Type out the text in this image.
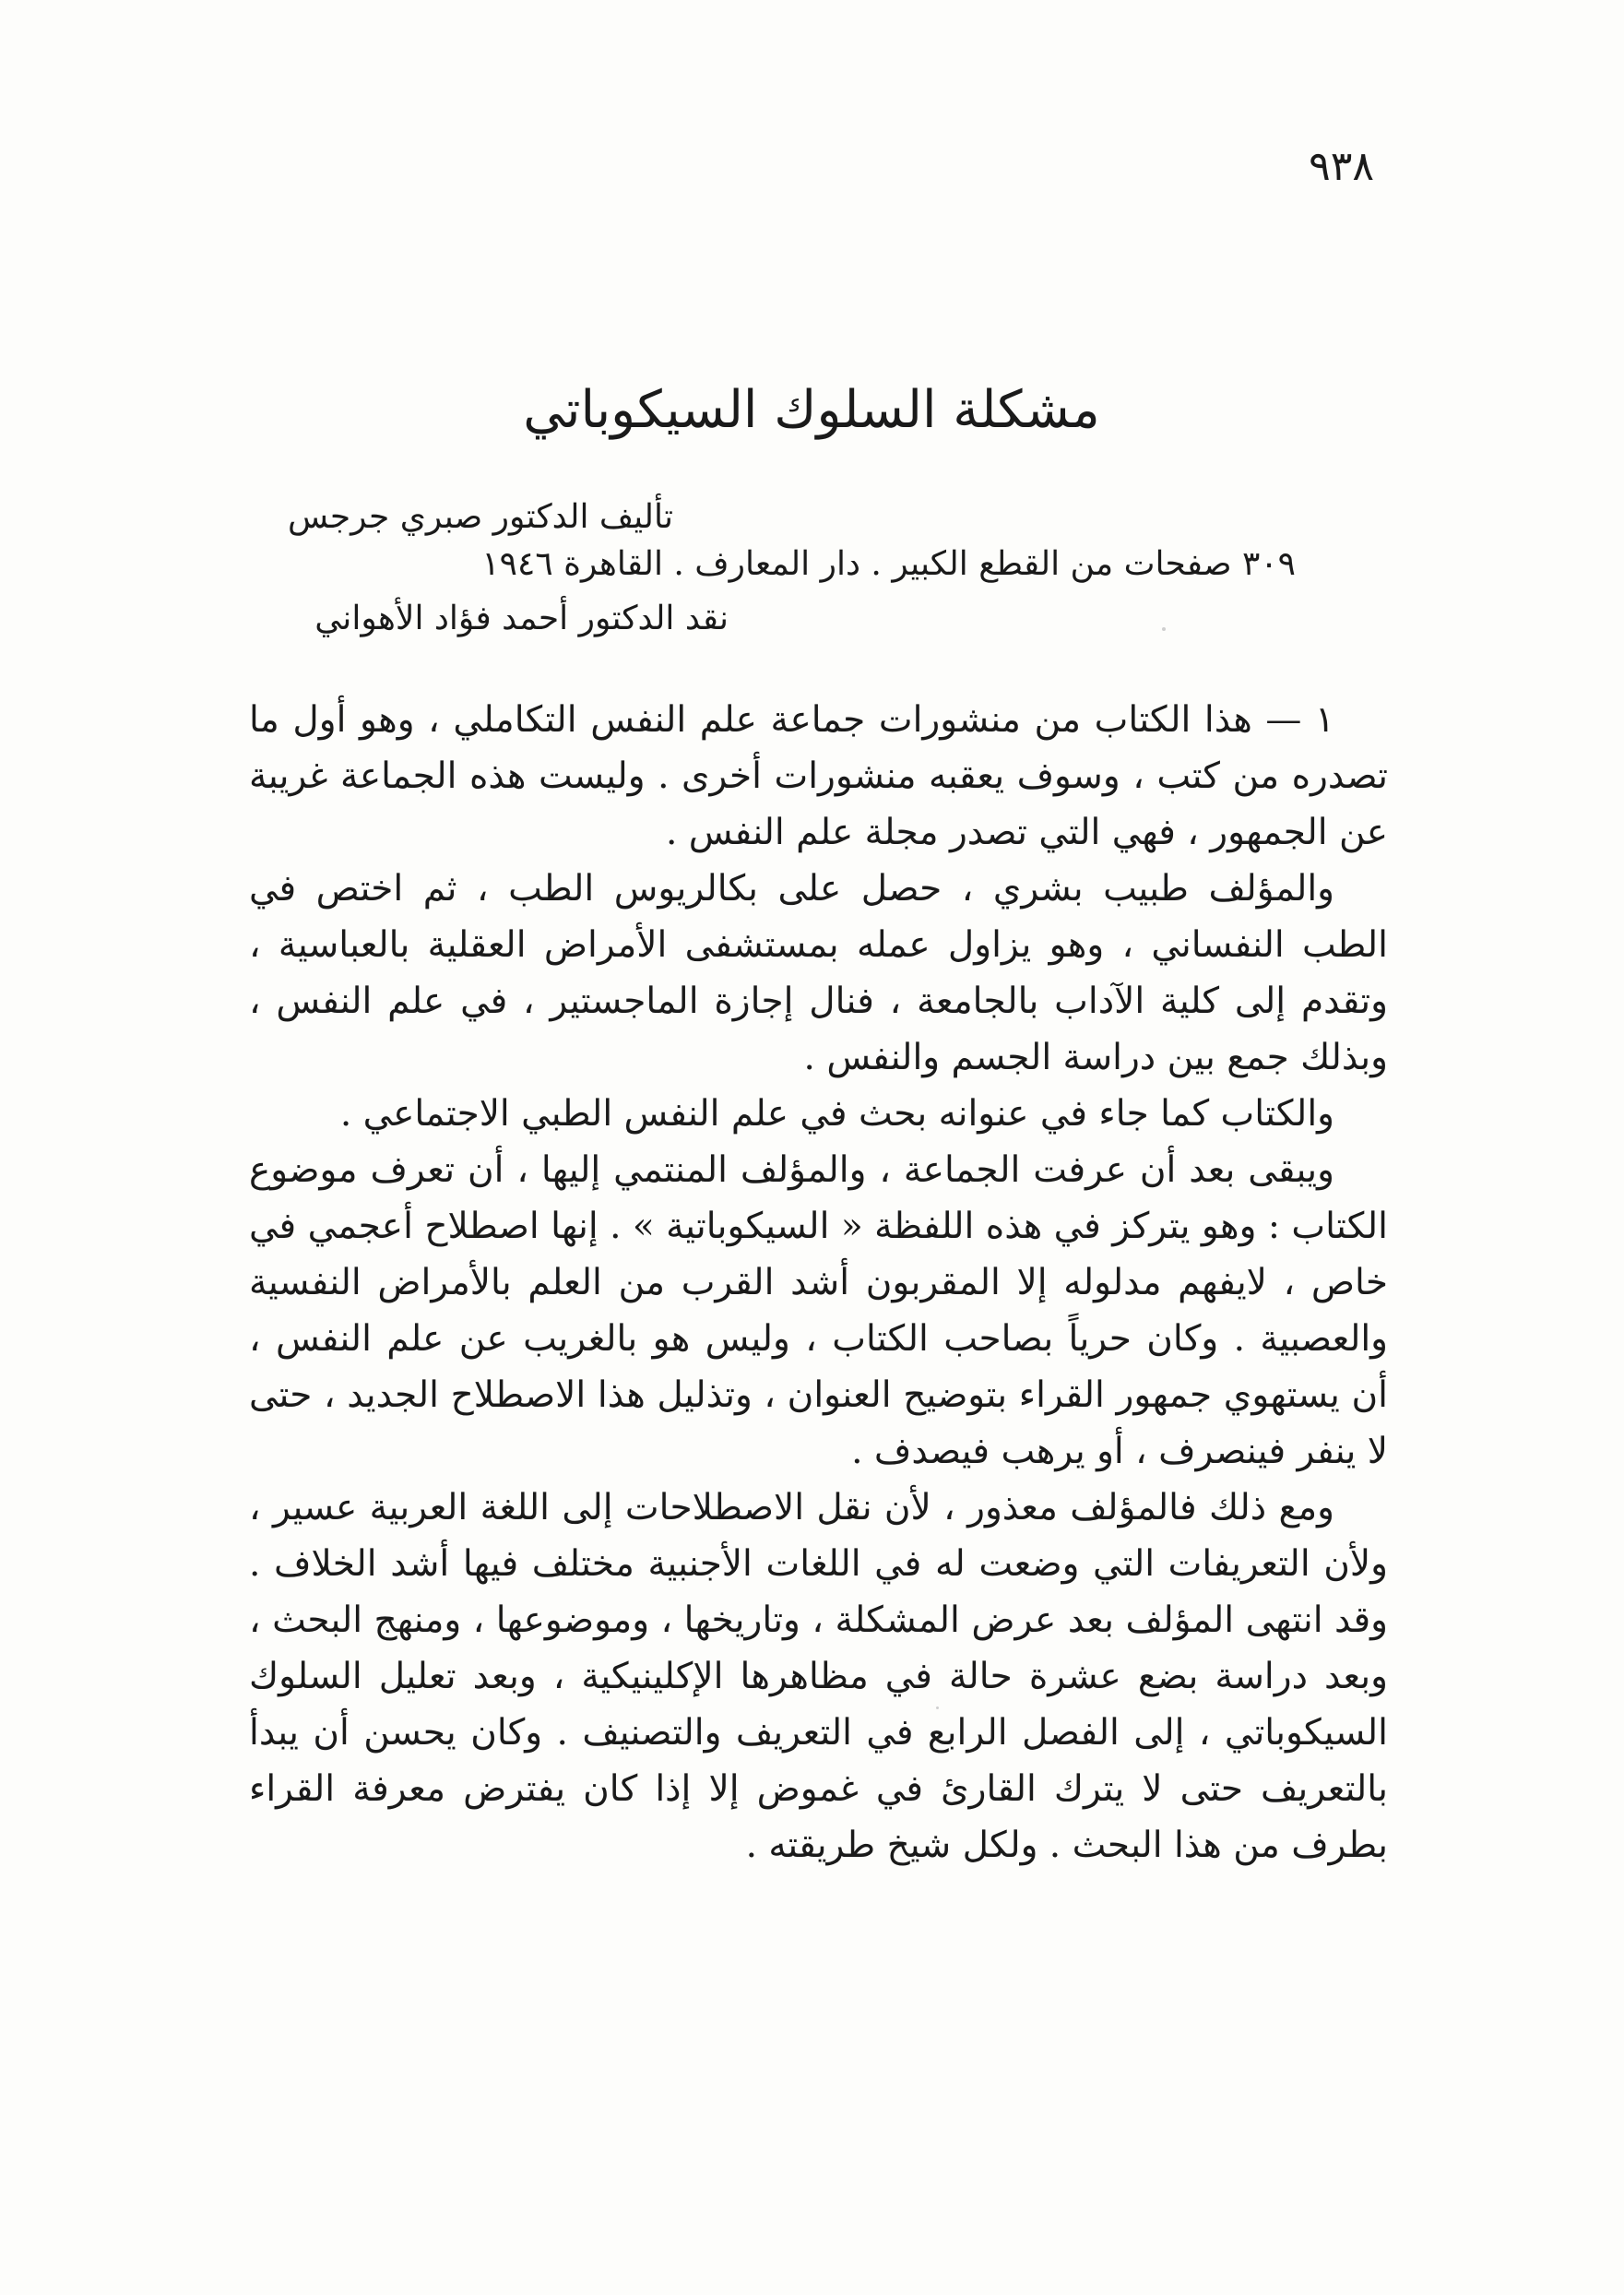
٩٣٨
مشكلة السلوك السيكوباتي
تأليف الدكتور صبري جرجس
٣٠٩ صفحات من القطع الكبير . دار المعارف . القاهرة ١٩٤٦
نقد الدكتور أحمد فؤاد الأهواني

١ — هذا الكتاب من منشورات جماعة علم النفس التكاملي ، وهو أول ما تصدره من كتب ، وسوف يعقبه منشورات أخرى . وليست هذه الجماعة غريبة عن الجمهور ، فهي التي تصدر مجلة علم النفس .

والمؤلف طبيب بشري ، حصل على بكالريوس الطب ، ثم اختص في الطب النفساني ، وهو يزاول عمله بمستشفى الأمراض العقلية بالعباسية ، وتقدم إلى كلية الآداب بالجامعة ، فنال إجازة الماجستير ، في علم النفس ، وبذلك جمع بين دراسة الجسم والنفس .

والكتاب كما جاء في عنوانه بحث في علم النفس الطبي الاجتماعي .

ويبقى بعد أن عرفت الجماعة ، والمؤلف المنتمي إليها ، أن تعرف موضوع الكتاب : وهو يتركز في هذه اللفظة « السيكوباتية » . إنها اصطلاح أعجمي في خاص ، لايفهم مدلوله إلا المقربون أشد القرب من العلم بالأمراض النفسية والعصبية . وكان حرياً بصاحب الكتاب ، وليس هو بالغريب عن علم النفس ، أن يستهوي جمهور القراء بتوضيح العنوان ، وتذليل هذا الاصطلاح الجديد ، حتى لا ينفر فينصرف ، أو يرهب فيصدف .

ومع ذلك فالمؤلف معذور ، لأن نقل الاصطلاحات إلى اللغة العربية عسير ، ولأن التعريفات التي وضعت له في اللغات الأجنبية مختلف فيها أشد الخلاف . وقد انتهى المؤلف بعد عرض المشكلة ، وتاريخها ، وموضوعها ، ومنهج البحث ، وبعد دراسة بضع عشرة حالة في مظاهرها الإكلينيكية ، وبعد تعليل السلوك السيكوباتي ، إلى الفصل الرابع في التعريف والتصنيف . وكان يحسن أن يبدأ بالتعريف حتى لا يترك القارئ في غموض إلا إذا كان يفترض معرفة القراء بطرف من هذا البحث . ولكل شيخ طريقته .
